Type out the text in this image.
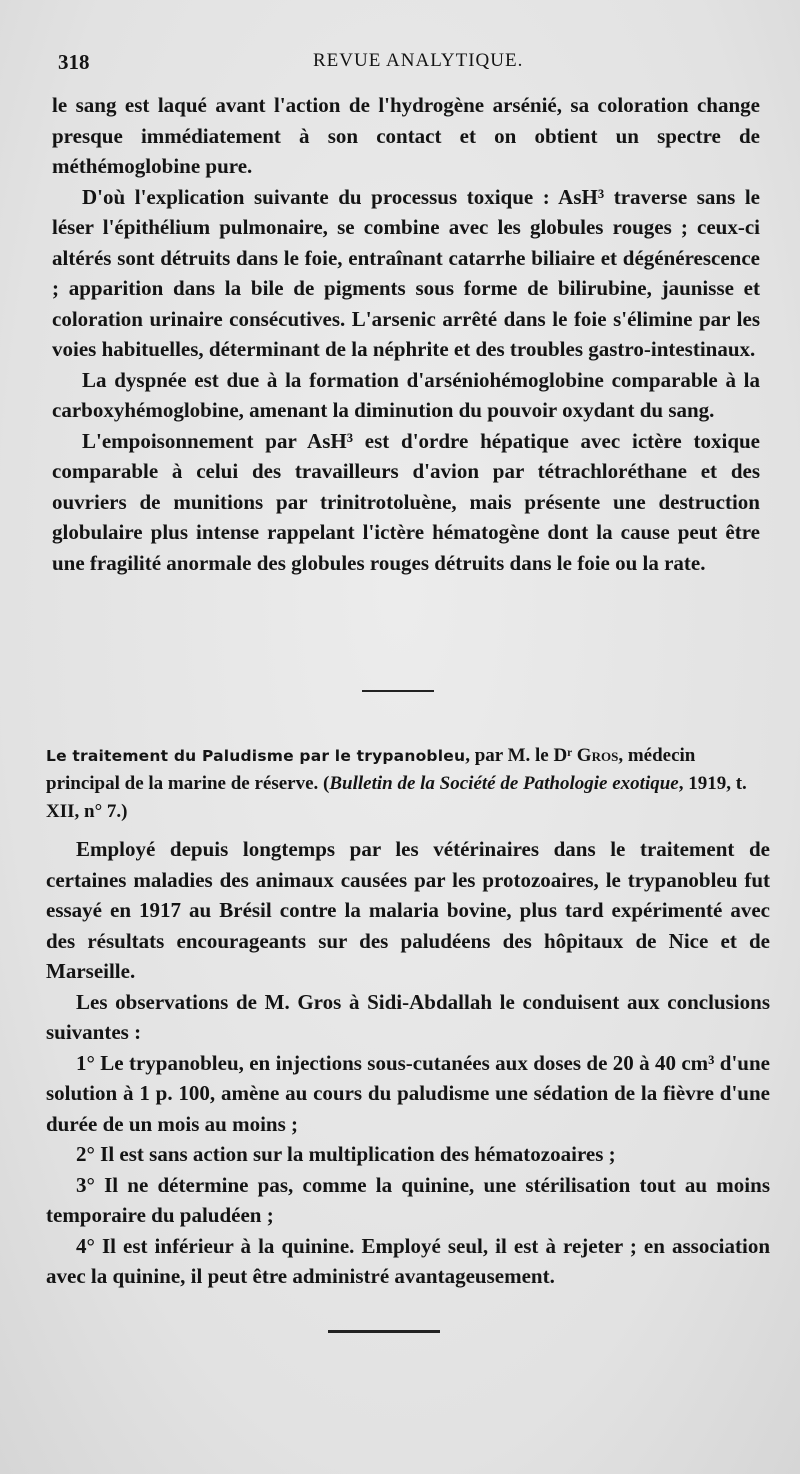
318	REVUE ANALYTIQUE.

le sang est laqué avant l'action de l'hydrogène arsénié, sa coloration change presque immédiatement à son contact et on obtient un spectre de méthémoglobine pure.

D'où l'explication suivante du processus toxique : AsH³ traverse sans le léser l'épithélium pulmonaire, se combine avec les globules rouges ; ceux-ci altérés sont détruits dans le foie, entraînant catarrhe biliaire et dégénérescence ; apparition dans la bile de pigments sous forme de bilirubine, jaunisse et coloration urinaire consécutives. L'arsenic arrêté dans le foie s'élimine par les voies habituelles, déterminant de la néphrite et des troubles gastro-intestinaux.

La dyspnée est due à la formation d'arséniohémoglobine comparable à la carboxyhémoglobine, amenant la diminution du pouvoir oxydant du sang.

L'empoisonnement par AsH³ est d'ordre hépatique avec ictère toxique comparable à celui des travailleurs d'avion par tétrachloréthane et des ouvriers de munitions par trinitrotoluène, mais présente une destruction globulaire plus intense rappelant l'ictère hématogène dont la cause peut être une fragilité anormale des globules rouges détruits dans le foie ou la rate.

Le traitement du Paludisme par le trypanobleu, par M. le Dʳ Gros, médecin principal de la marine de réserve. (Bulletin de la Société de Pathologie exotique, 1919, t. XII, n° 7.)

Employé depuis longtemps par les vétérinaires dans le traitement de certaines maladies des animaux causées par les protozoaires, le trypanobleu fut essayé en 1917 au Brésil contre la malaria bovine, plus tard expérimenté avec des résultats encourageants sur des paludéens des hôpitaux de Nice et de Marseille.

Les observations de M. Gros à Sidi-Abdallah le conduisent aux conclusions suivantes :

1° Le trypanobleu, en injections sous-cutanées aux doses de 20 à 40 cm³ d'une solution à 1 p. 100, amène au cours du paludisme une sédation de la fièvre d'une durée de un mois au moins ;

2° Il est sans action sur la multiplication des hématozoaires ;

3° Il ne détermine pas, comme la quinine, une stérilisation tout au moins temporaire du paludéen ;

4° Il est inférieur à la quinine. Employé seul, il est à rejeter ; en association avec la quinine, il peut être administré avantageusement.
